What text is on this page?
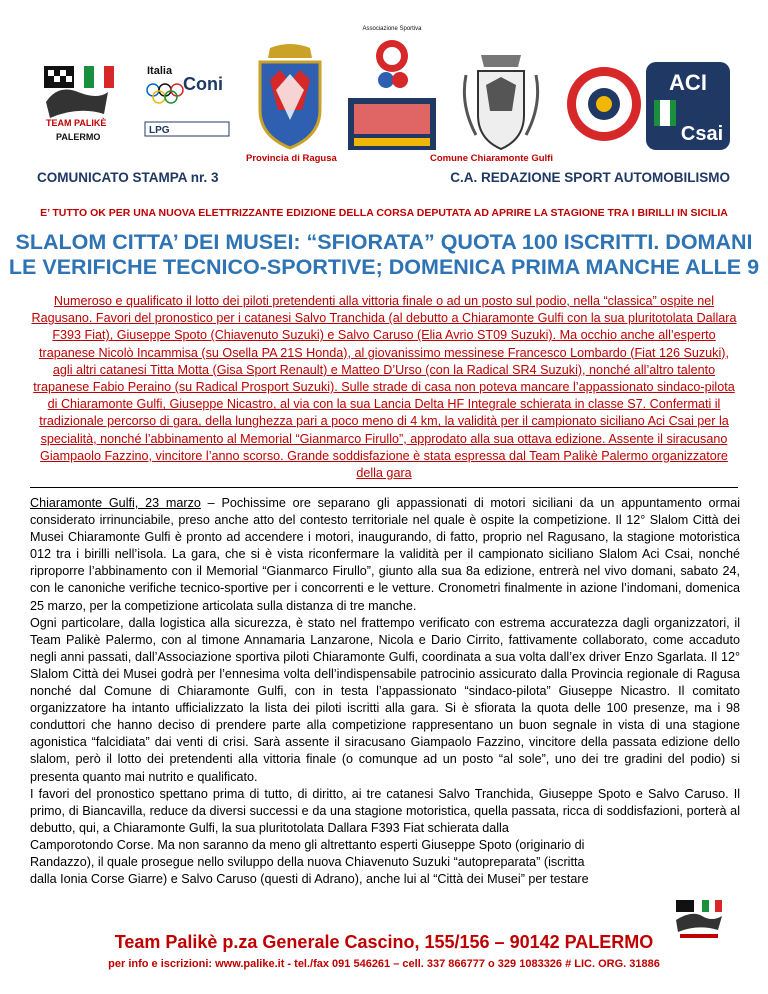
TEAM PALIKÈ
PALERMO
Italia
Coni
LPG
Associazione Sportiva
ACI
Csai
Provincia di Ragusa	Comune Chiaramonte Gulfi
COMUNICATO STAMPA nr. 3	C.A. REDAZIONE SPORT AUTOMOBILISMO
E’ TUTTO OK PER UNA NUOVA ELETTRIZZANTE EDIZIONE DELLA CORSA DEPUTATA AD APRIRE LA STAGIONE TRA I BIRILLI IN SICILIA
SLALOM CITTA’ DEI MUSEI: “SFIORATA” QUOTA 100 ISCRITTI. DOMANI
LE VERIFICHE TECNICO-SPORTIVE; DOMENICA PRIMA MANCHE ALLE 9
Numeroso e qualificato il lotto dei piloti pretendenti alla vittoria finale o ad un posto sul podio, nella “classica” ospite nel Ragusano. Favori del pronostico per i catanesi Salvo Tranchida (al debutto a Chiaramonte Gulfi con la sua pluritotolata Dallara F393 Fiat), Giuseppe Spoto (Chiavenuto Suzuki) e Salvo Caruso (Elia Avrio ST09 Suzuki). Ma occhio anche all’esperto trapanese Nicolò Incammisa (su Osella PA 21S Honda), al giovanissimo messinese Francesco Lombardo (Fiat 126 Suzuki), agli altri catanesi Titta Motta (Gisa Sport Renault) e Matteo D’Urso (con la Radical SR4 Suzuki), nonché all’altro talento trapanese Fabio Peraino (su Radical Prosport Suzuki). Sulle strade di casa non poteva mancare l’appassionato sindaco-pilota di Chiaramonte Gulfi, Giuseppe Nicastro, al via con la sua Lancia Delta HF Integrale schierata in classe S7. Confermati il tradizionale percorso di gara, della lunghezza pari a poco meno di 4 km, la validità per il campionato siciliano Aci Csai per la specialità, nonché l’abbinamento al Memorial “Gianmarco Firullo”, approdato alla sua ottava edizione. Assente il siracusano Giampaolo Fazzino, vincitore l’anno scorso. Grande soddisfazione è stata espressa dal Team Palikè Palermo organizzatore della gara

Chiaramonte Gulfi, 23 marzo – Pochissime ore separano gli appassionati di motori siciliani da un appuntamento ormai considerato irrinunciabile, preso anche atto del contesto territoriale nel quale è ospite la competizione. Il 12° Slalom Città dei Musei Chiaramonte Gulfi è pronto ad accendere i motori, inaugurando, di fatto, proprio nel Ragusano, la stagione motoristica 012 tra i birilli nell’isola. La gara, che si è vista riconfermare la validità per il campionato siciliano Slalom Aci Csai, nonché riproporre l’abbinamento con il Memorial “Gianmarco Firullo”, giunto alla sua 8a edizione, entrerà nel vivo domani, sabato 24, con le canoniche verifiche tecnico-sportive per i concorrenti e le vetture. Cronometri finalmente in azione l’indomani, domenica 25 marzo, per la competizione articolata sulla distanza di tre manche.

Ogni particolare, dalla logistica alla sicurezza, è stato nel frattempo verificato con estrema accuratezza dagli organizzatori, il Team Palikè Palermo, con al timone Annamaria Lanzarone, Nicola e Dario Cirrito, fattivamente collaborato, come accaduto negli anni passati, dall’Associazione sportiva piloti Chiaramonte Gulfi, coordinata a sua volta dall’ex driver Enzo Sgarlata. Il 12° Slalom Città dei Musei godrà per l’ennesima volta dell’indispensabile patrocinio assicurato dalla Provincia regionale di Ragusa nonché dal Comune di Chiaramonte Gulfi, con in testa l’appassionato “sindaco-pilota” Giuseppe Nicastro. Il comitato organizzatore ha intanto ufficializzato la lista dei piloti iscritti alla gara. Si è sfiorata la quota delle 100 presenze, ma i 98 conduttori che hanno deciso di prendere parte alla competizione rappresentano un buon segnale in vista di una stagione agonistica “falcidiata” dai venti di crisi. Sarà assente il siracusano Giampaolo Fazzino, vincitore della passata edizione dello slalom, però il lotto dei pretendenti alla vittoria finale (o comunque ad un posto “al sole”, uno dei tre gradini del podio) si presenta quanto mai nutrito e qualificato.

I favori del pronostico spettano prima di tutto, di diritto, ai tre catanesi Salvo Tranchida, Giuseppe Spoto e Salvo Caruso. Il primo, di Biancavilla, reduce da diversi successi e da una stagione motoristica, quella passata, ricca di soddisfazioni, porterà al debutto, qui, a Chiaramonte Gulfi, la sua pluritotolata Dallara F393 Fiat schierata dalla

Camporotondo Corse. Ma non saranno da meno gli altrettanto esperti Giuseppe Spoto (originario di

Randazzo), il quale prosegue nello sviluppo della nuova Chiavenuto Suzuki “autopreparata” (iscritta

dalla Ionia Corse Giarre) e Salvo Caruso (questi di Adrano), anche lui al “Città dei Musei” per testare

Team Palikè p.za Generale Cascino, 155/156 – 90142 PALERMO
per info e iscrizioni: www.palike.it - tel./fax 091 546261 – cell. 337 866777 o 329 1083326 # LIC. ORG. 31886
